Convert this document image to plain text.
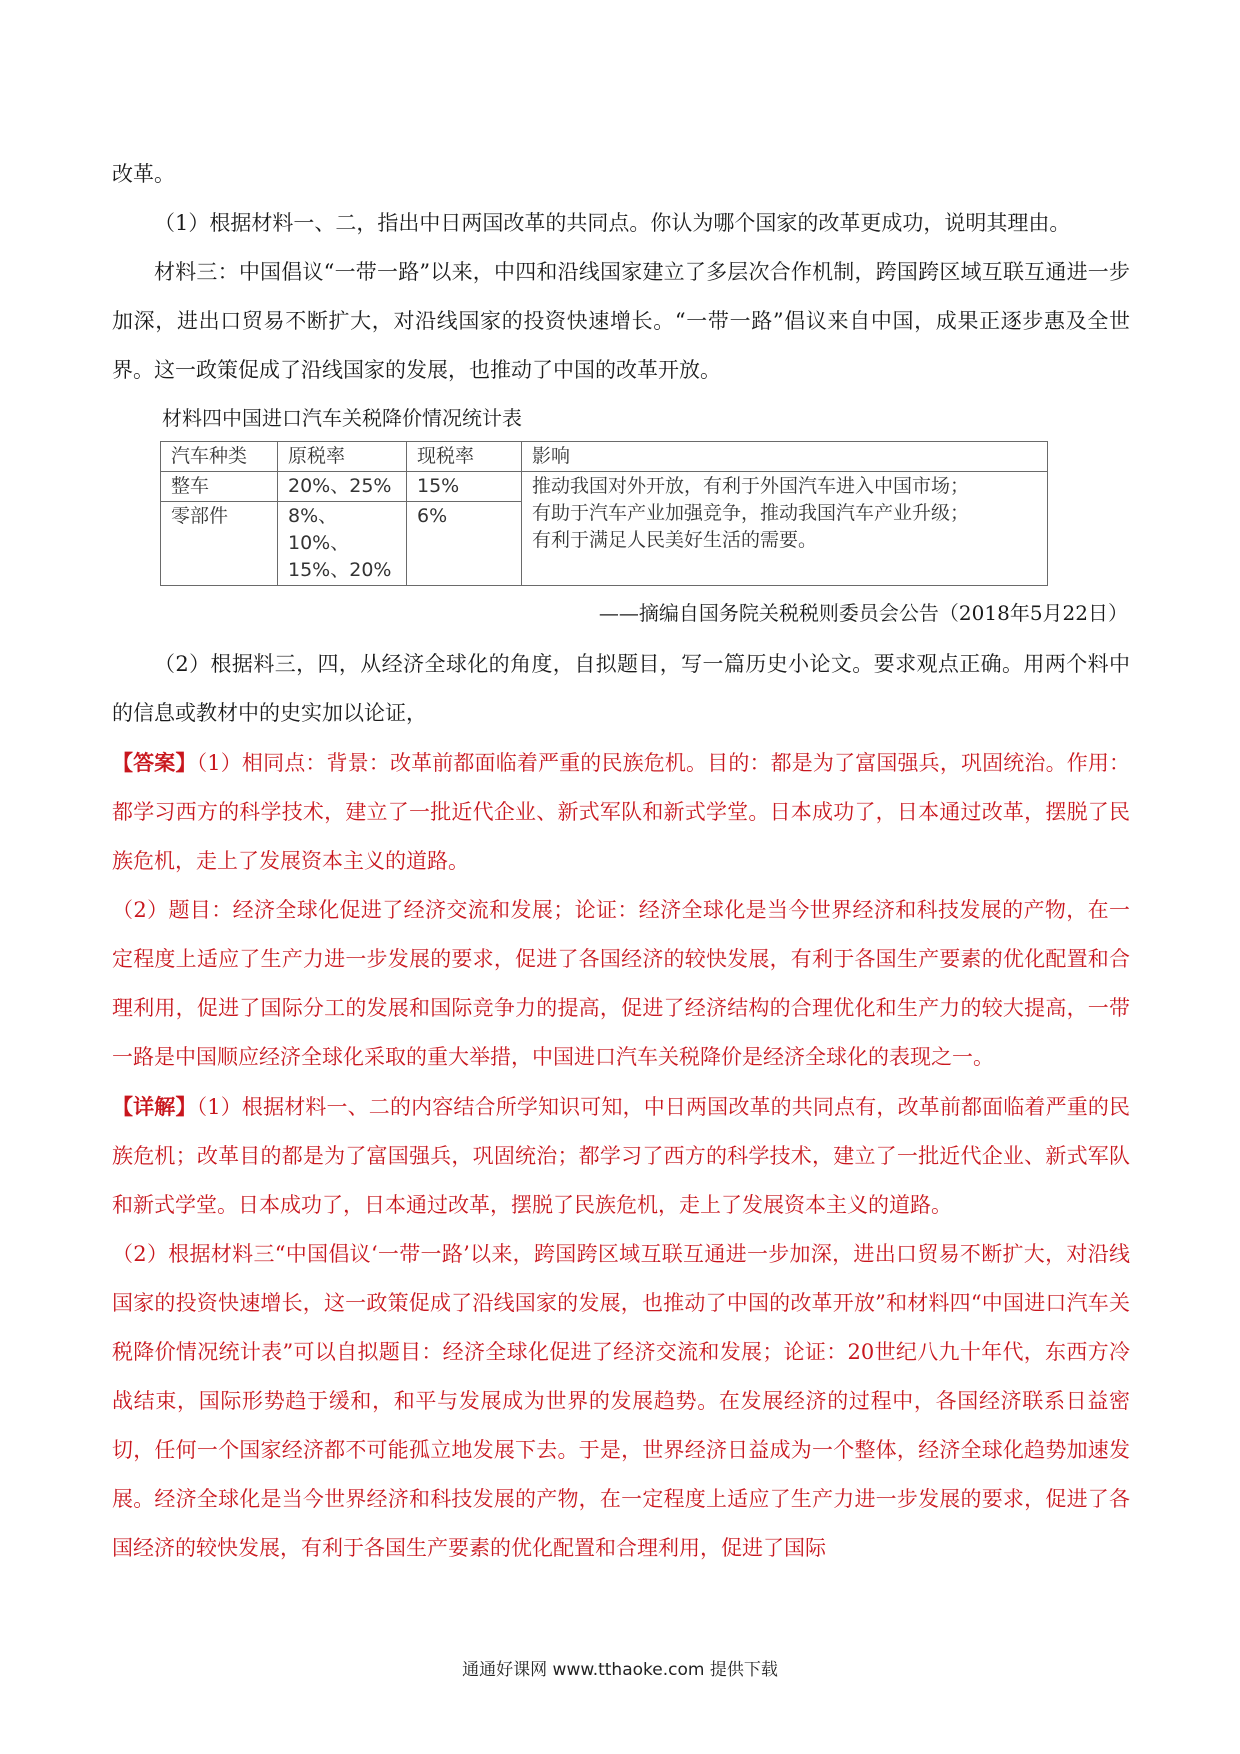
改革。

（1）根据材料一、二，指出中日两国改革的共同点。你认为哪个国家的改革更成功，说明其理由。

材料三：中国倡议“一带一路”以来，中四和沿线国家建立了多层次合作机制，跨国跨区域互联互通进一步加深，进出口贸易不断扩大，对沿线国家的投资快速增长。“一带一路”倡议来自中国，成果正逐步惠及全世界。这一政策促成了沿线国家的发展，也推动了中国的改革开放。

材料四中国进口汽车关税降价情况统计表
汽车种类	原税率	现税率	影响
整车	20%、25%	15%	推动我国对外开放，有利于外国汽车进入中国市场；
有助于汽车产业加强竞争，推动我国汽车产业升级；
有利于满足人民美好生活的需要。

零部件	8%、10%、15%、20%	6%	
——摘编自国务院关税税则委员会公告（2018年5月22日）

（2）根据料三，四，从经济全球化的角度，自拟题目，写一篇历史小论文。要求观点正确。用两个料中的信息或教材中的史实加以论证，

【答案】（1）相同点：背景：改革前都面临着严重的民族危机。目的：都是为了富国强兵，巩固统治。作用：都学习西方的科学技术，建立了一批近代企业、新式军队和新式学堂。日本成功了，日本通过改革，摆脱了民族危机，走上了发展资本主义的道路。

（2）题目：经济全球化促进了经济交流和发展；论证：经济全球化是当今世界经济和科技发展的产物，在一定程度上适应了生产力进一步发展的要求，促进了各国经济的较快发展，有利于各国生产要素的优化配置和合理利用，促进了国际分工的发展和国际竞争力的提高，促进了经济结构的合理优化和生产力的较大提高，一带一路是中国顺应经济全球化采取的重大举措，中国进口汽车关税降价是经济全球化的表现之一。

【详解】（1）根据材料一、二的内容结合所学知识可知，中日两国改革的共同点有，改革前都面临着严重的民族危机；改革目的都是为了富国强兵，巩固统治；都学习了西方的科学技术，建立了一批近代企业、新式军队和新式学堂。日本成功了，日本通过改革，摆脱了民族危机，走上了发展资本主义的道路。

（2）根据材料三“中国倡议‘一带一路’以来，跨国跨区域互联互通进一步加深，进出口贸易不断扩大，对沿线国家的投资快速增长，这一政策促成了沿线国家的发展，也推动了中国的改革开放”和材料四“中国进口汽车关税降价情况统计表”可以自拟题目：经济全球化促进了经济交流和发展；论证：20世纪八九十年代，东西方冷战结束，国际形势趋于缓和，和平与发展成为世界的发展趋势。在发展经济的过程中，各国经济联系日益密切，任何一个国家经济都不可能孤立地发展下去。于是，世界经济日益成为一个整体，经济全球化趋势加速发展。经济全球化是当今世界经济和科技发展的产物，在一定程度上适应了生产力进一步发展的要求，促进了各国经济的较快发展，有利于各国生产要素的优化配置和合理利用，促进了国际

通通好课网 www.tthaoke.com 提供下载
